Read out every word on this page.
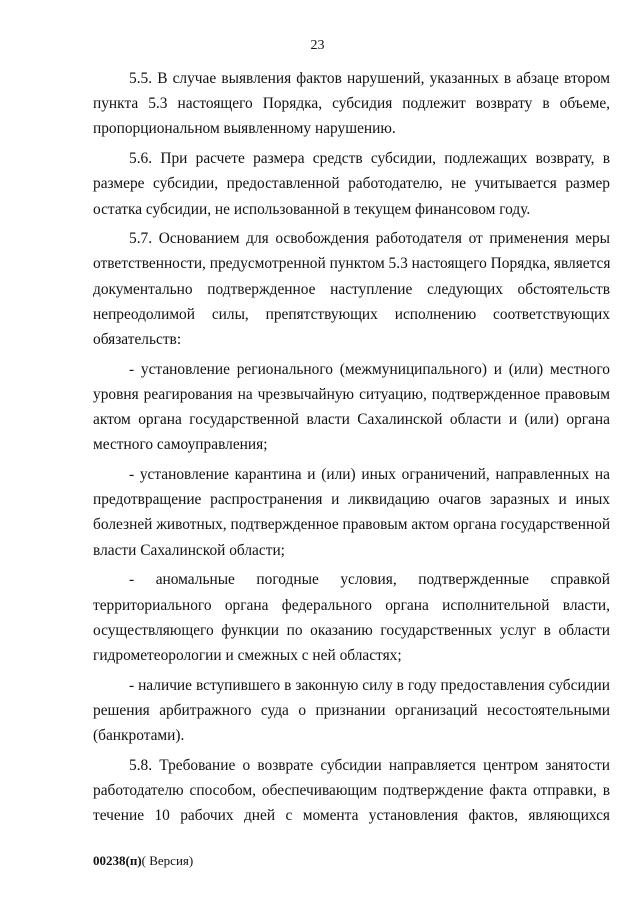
23
5.5. В случае выявления фактов нарушений, указанных в абзаце втором
пункта 5.3 настоящего Порядка, субсидия подлежит возврату в объеме,
пропорциональном выявленному нарушению.
5.6. При расчете размера средств субсидии, подлежащих возврату, в
размере субсидии, предоставленной работодателю, не учитывается размер
остатка субсидии, не использованной в текущем финансовом году.
5.7. Основанием для освобождения работодателя от применения меры
ответственности, предусмотренной пунктом 5.3 настоящего Порядка, является
документально подтвержденное наступление следующих обстоятельств
непреодолимой силы, препятствующих исполнению соответствующих
обязательств:
- установление регионального (межмуниципального) и (или) местного
уровня реагирования на чрезвычайную ситуацию, подтвержденное правовым
актом органа государственной власти Сахалинской области и (или) органа
местного самоуправления;
- установление карантина и (или) иных ограничений, направленных на
предотвращение распространения и ликвидацию очагов заразных и иных
болезней животных, подтвержденное правовым актом органа государственной
власти Сахалинской области;
- аномальные погодные условия, подтвержденные справкой
территориального органа федерального органа исполнительной власти,
осуществляющего функции по оказанию государственных услуг в области
гидрометеорологии и смежных с ней областях;
- наличие вступившего в законную силу в году предоставления субсидии
решения арбитражного суда о признании организаций несостоятельными
(банкротами).
5.8. Требование о возврате субсидии направляется центром занятости
работодателю способом, обеспечивающим подтверждение факта отправки, в
течение 10 рабочих дней с момента установления фактов, являющихся
00238(п)( Версия)
